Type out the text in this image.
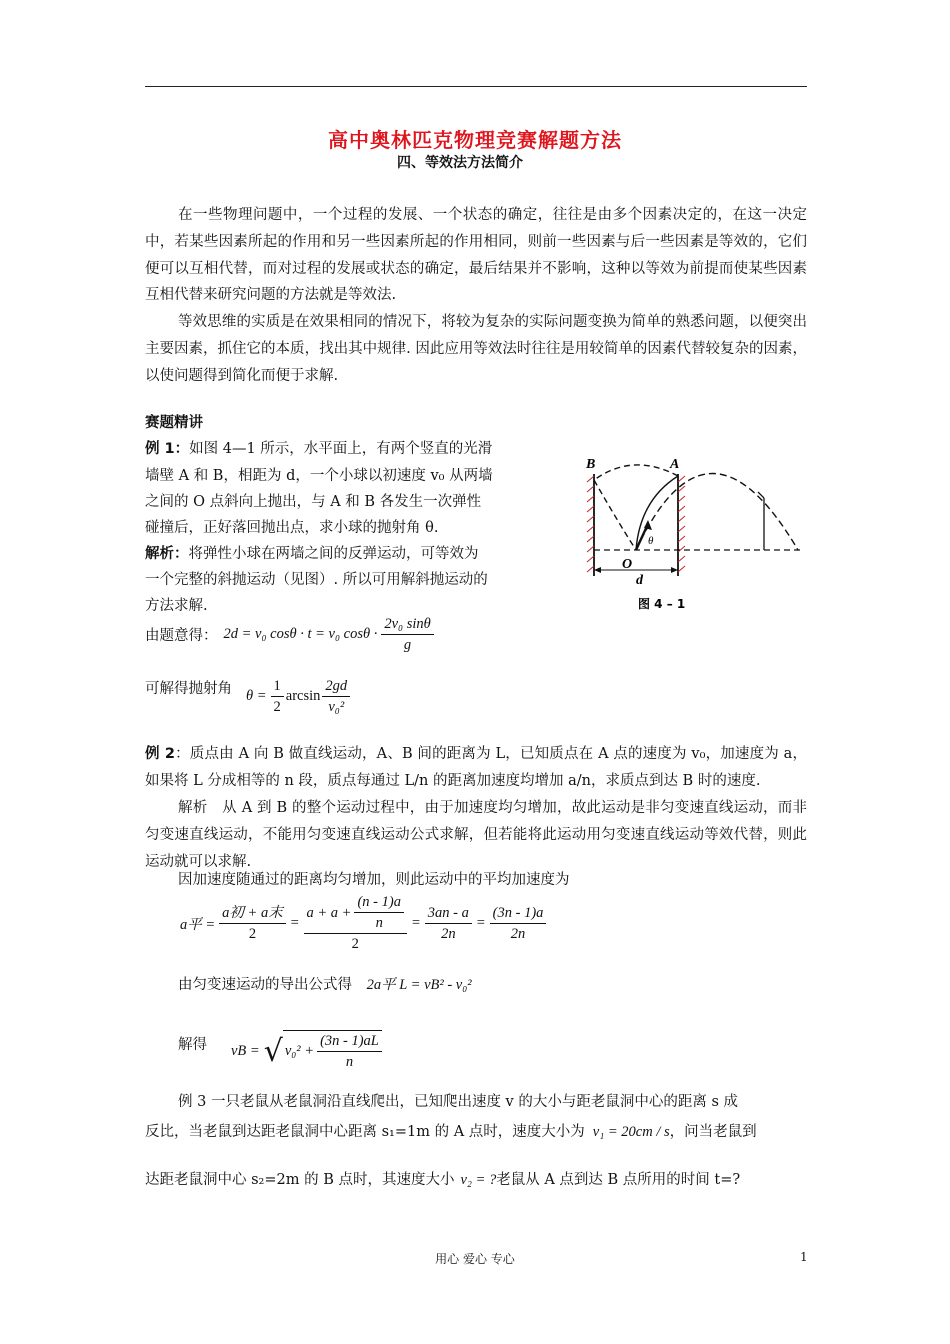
高中奥林匹克物理竞赛解题方法
四、等效法方法简介
在一些物理问题中，一个过程的发展、一个状态的确定，往往是由多个因素决定的，在这一决定中，若某些因素所起的作用和另一些因素所起的作用相同，则前一些因素与后一些因素是等效的，它们便可以互相代替，而对过程的发展或状态的确定，最后结果并不影响，这种以等效为前提而使某些因素互相代替来研究问题的方法就是等效法.
等效思维的实质是在效果相同的情况下，将较为复杂的实际问题变换为简单的熟悉问题，以便突出主要因素，抓住它的本质，找出其中规律. 因此应用等效法时往往是用较简单的因素代替较复杂的因素，以使问题得到简化而便于求解.
赛题精讲
例 1：如图 4—1 所示，水平面上，有两个竖直的光滑
墙壁 A 和 B，相距为 d，一个小球以初速度 v₀ 从两墙
之间的 O 点斜向上抛出，与 A 和 B 各发生一次弹性
碰撞后，正好落回抛出点，求小球的抛射角 θ.
解析：将弹性小球在两墙之间的反弹运动，可等效为
一个完整的斜抛运动（见图）. 所以可用解斜抛运动的
方法求解.
由题意得： 2d = v₀ cosθ · t = v₀ $\cos\theta \cdot \frac{\text{2v₀ sinθ}}{g}$
可解得抛射角 $\theta = \frac{1}{2}$ $\arcsin \frac{2gd}{\text{v₀²}}$
B	A
θ
O
d
图 4 – 1
例 2：质点由 A 向 B 做直线运动，A、B 间的距离为 L，已知质点在 A 点的速度为 v₀，加速度为 a，如果将 L 分成相等的 n 段，质点每通过 L/n 的距离加速度均增加 a/n，求质点到达 B 时的速度.
解析　从 A 到 B 的整个运动过程中，由于加速度均匀增加，故此运动是非匀变速直线运动，而非匀变速直线运动，不能用匀变速直线运动公式求解，但若能将此运动用匀变速直线运动等效代替，则此运动就可以求解.
因加速度随通过的距离均匀增加，则此运动中的平均加速度为
a平 = $\frac{\text{a初 + a末}}{2} = \frac{a + a + \frac{(n - 1)a}{n}}{2} = \frac{3an - a}{2n} = \frac{(3n - 1)a}{2n}$
由匀变速运动的导出公式得 2a平 L = vB² - v₀²
解得 vB = √ $v_0^2 + \frac{(3n - 1)aL}{n}$
例 3 一只老鼠从老鼠洞沿直线爬出，已知爬出速度 v 的大小与距老鼠洞中心的距离 s 成
反比，当老鼠到达距老鼠洞中心距离 s₁=1m 的 A 点时，速度大小为 v₁ = 20cm / s，问当老鼠到
达距老鼠洞中心 s₂=2m 的 B 点时，其速度大小 v₂ = ?老鼠从 A 点到达 B 点所用的时间 t=?
用心 爱心 专心	1
